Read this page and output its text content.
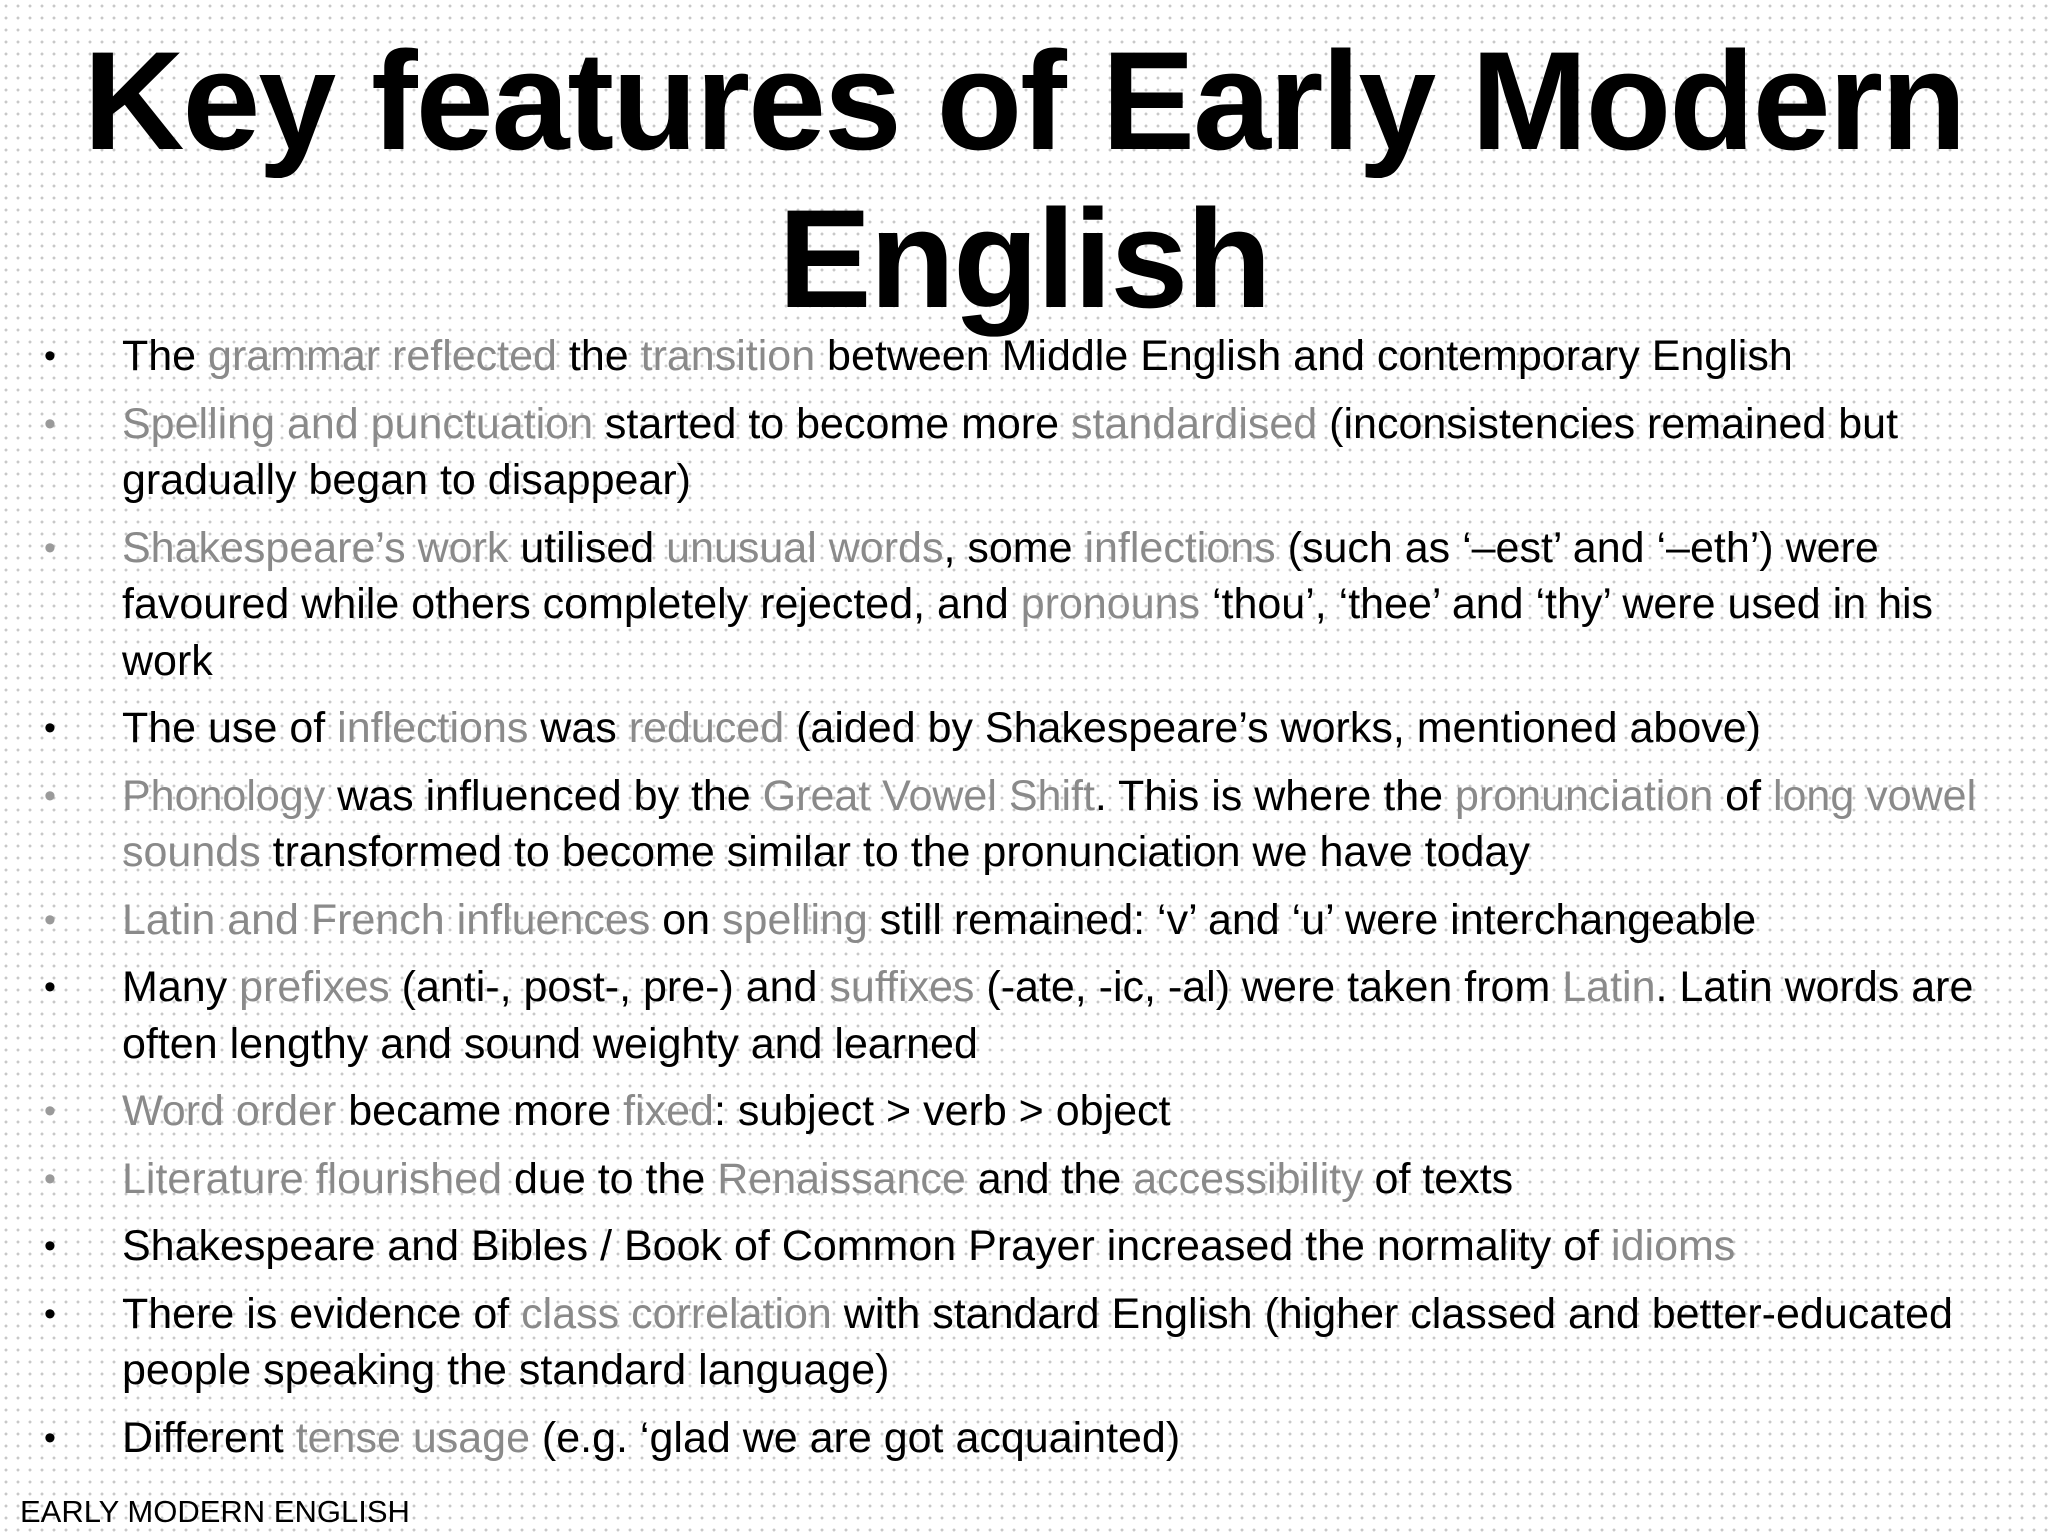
Key features of Early Modern
English
• The grammar reflected the transition between Middle English and contemporary English
• Spelling and punctuation started to become more standardised (inconsistencies remained but gradually began to disappear)
• Shakespeare’s work utilised unusual words, some inflections (such as ‘–est’ and ‘–eth’) were favoured while others completely rejected, and pronouns ‘thou’, ‘thee’ and ‘thy’ were used in his work
• The use of inflections was reduced (aided by Shakespeare’s works, mentioned above)
• Phonology was influenced by the Great Vowel Shift. This is where the pronunciation of long vowel sounds transformed to become similar to the pronunciation we have today
• Latin and French influences on spelling still remained: ‘v’ and ‘u’ were interchangeable
• Many prefixes (anti-, post-, pre-) and suffixes (-ate, -ic, -al) were taken from Latin. Latin words are often lengthy and sound weighty and learned
• Word order became more fixed: subject > verb > object
• Literature flourished due to the Renaissance and the accessibility of texts
• Shakespeare and Bibles / Book of Common Prayer increased the normality of idioms
• There is evidence of class correlation with standard English (higher classed and better-educated people speaking the standard language)
• Different tense usage (e.g. ‘glad we are got acquainted)
EARLY MODERN ENGLISH
